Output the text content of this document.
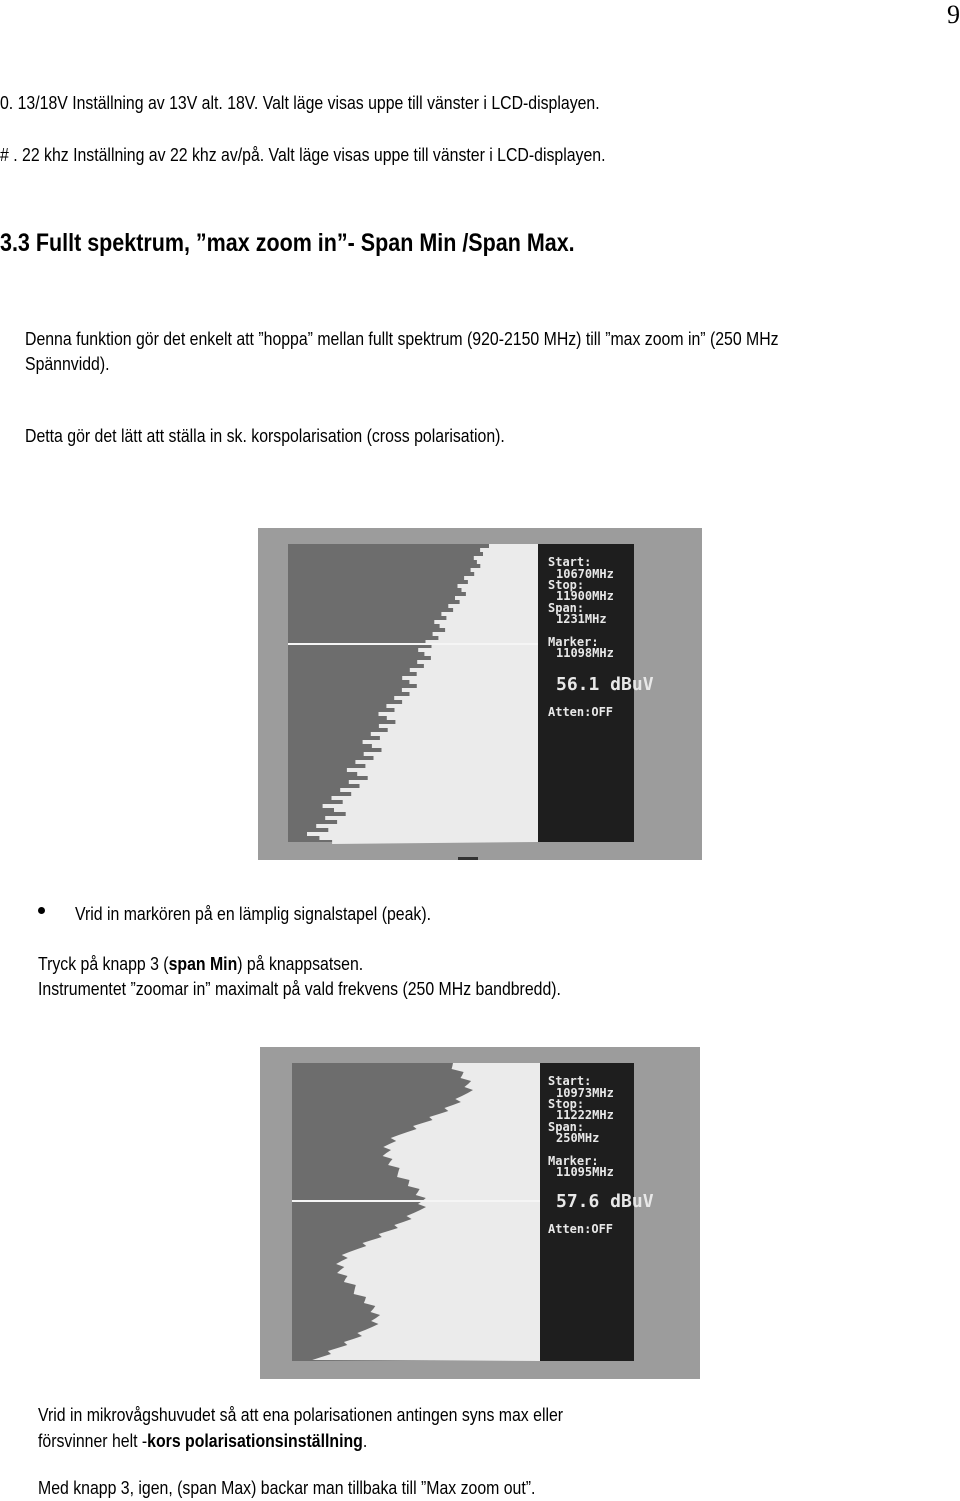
9
0. 13/18V Inställning av 13V alt. 18V. Valt läge visas uppe till vänster i LCD-displayen.
# . 22 khz Inställning av 22 khz av/på. Valt läge visas uppe till vänster i LCD-displayen.
3.3 Fullt spektrum, ”max zoom in”- Span Min /Span Max.
Denna funktion gör det enkelt att ”hoppa” mellan fullt spektrum (920-2150 MHz) till ”max zoom in” (250 MHz
Spännvidd).
Detta gör det lätt att ställa in sk. korspolarisation (cross polarisation).
Start:
10670MHz
Stop:
11900MHz
Span:
1231MHz
Marker:
11098MHz
56.1 dBuV
Atten:OFF
Vrid in markören på en lämplig signalstapel (peak).
Tryck på knapp 3 (span Min) på knappsatsen.
Instrumentet ”zoomar in” maximalt på vald frekvens (250 MHz bandbredd).
Start:
10973MHz
Stop:
11222MHz
Span:
250MHz
Marker:
11095MHz
57.6 dBuV
Atten:OFF
Vrid in mikrovågshuvudet så att ena polarisationen antingen syns max eller
försvinner helt -kors polarisationsinställning.
Med knapp 3, igen, (span Max) backar man tillbaka till ”Max zoom out”.
